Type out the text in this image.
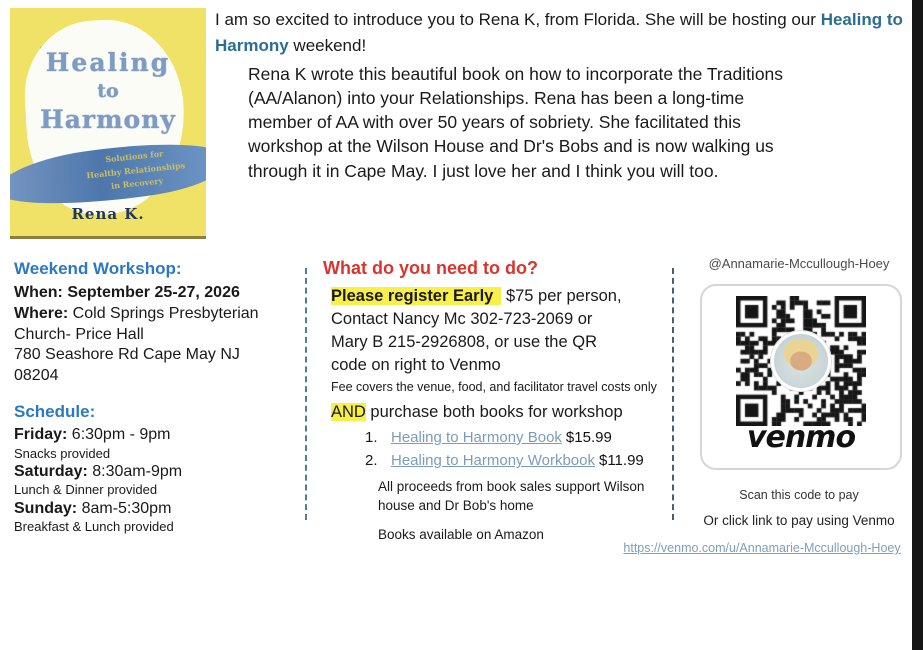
Healing
to
Harmony
Solutions for
Healthy Relationships
in Recovery
Rena K.
I am so excited to introduce you to Rena K, from Florida. She will be hosting our Healing to Harmony weekend!
Rena K wrote this beautiful book on how to incorporate the Traditions (AA/Alanon) into your Relationships. Rena has been a long-time member of AA with over 50 years of sobriety. She facilitated this workshop at the Wilson House and Dr's Bobs and is now walking us through it in Cape May. I just love her and I think you will too.
Weekend Workshop:
When: September 25-27, 2026
Where: Cold Springs Presbyterian Church- Price Hall
780 Seashore Rd Cape May NJ
08204
Schedule:
Friday: 6:30pm - 9pm
Snacks provided
Saturday: 8:30am-9pm
Lunch & Dinner provided
Sunday: 8am-5:30pm
Breakfast & Lunch provided
What do you need to do?
Please register Early $75 per person,
Contact Nancy Mc 302-723-2069 or
Mary B 215-2926808, or use the QR
code on right to Venmo
Fee covers the venue, food, and facilitator travel costs only
AND purchase both books for workshop
1. Healing to Harmony Book $15.99
2. Healing to Harmony Workbook $11.99
All proceeds from book sales support Wilson house and Dr Bob's home
Books available on Amazon
@Annamarie-Mccullough-Hoey
venmo
Scan this code to pay
Or click link to pay using Venmo
https://venmo.com/u/Annamarie-Mccullough-Hoey
